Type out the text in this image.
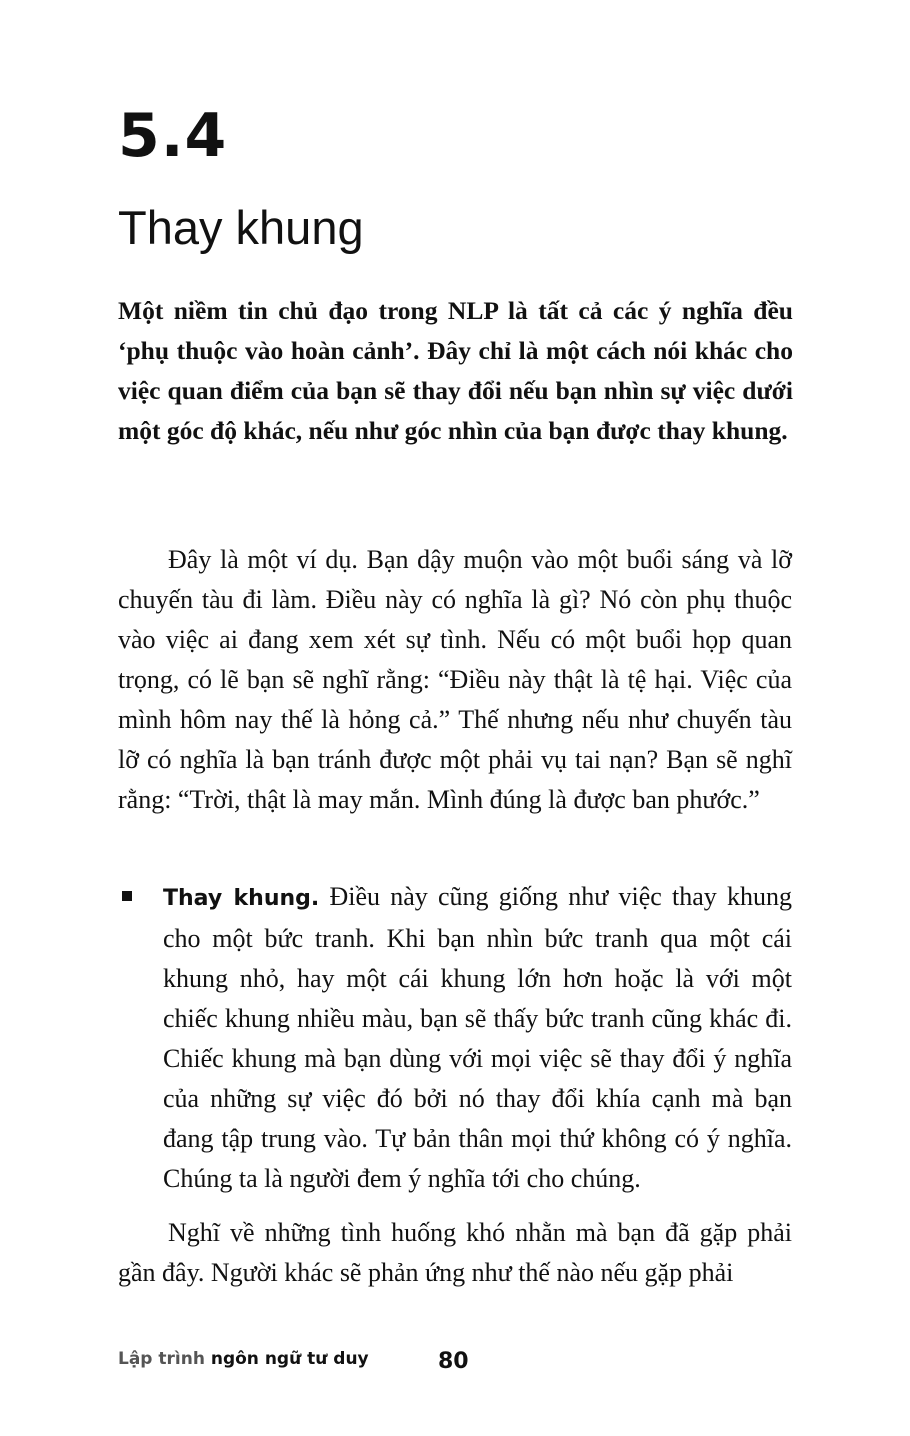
5.4
Thay khung

Một niềm tin chủ đạo trong NLP là tất cả các ý nghĩa đều ‘phụ thuộc vào hoàn cảnh’. Đây chỉ là một cách nói khác cho việc quan điểm của bạn sẽ thay đổi nếu bạn nhìn sự việc dưới một góc độ khác, nếu như góc nhìn của bạn được thay khung.

Đây là một ví dụ. Bạn dậy muộn vào một buổi sáng và lỡ chuyến tàu đi làm. Điều này có nghĩa là gì? Nó còn phụ thuộc vào việc ai đang xem xét sự tình. Nếu có một buổi họp quan trọng, có lẽ bạn sẽ nghĩ rằng: “Điều này thật là tệ hại. Việc của mình hôm nay thế là hỏng cả.” Thế nhưng nếu như chuyến tàu lỡ có nghĩa là bạn tránh được một phải vụ tai nạn? Bạn sẽ nghĩ rằng: “Trời, thật là may mắn. Mình đúng là được ban phước.”

Thay khung. Điều này cũng giống như việc thay khung cho một bức tranh. Khi bạn nhìn bức tranh qua một cái khung nhỏ, hay một cái khung lớn hơn hoặc là với một chiếc khung nhiều màu, bạn sẽ thấy bức tranh cũng khác đi. Chiếc khung mà bạn dùng với mọi việc sẽ thay đổi ý nghĩa của những sự việc đó bởi nó thay đổi khía cạnh mà bạn đang tập trung vào. Tự bản thân mọi thứ không có ý nghĩa. Chúng ta là người đem ý nghĩa tới cho chúng.

Nghĩ về những tình huống khó nhằn mà bạn đã gặp phải gần đây. Người khác sẽ phản ứng như thế nào nếu gặp phải

Lập trình ngôn ngữ tư duy	80
